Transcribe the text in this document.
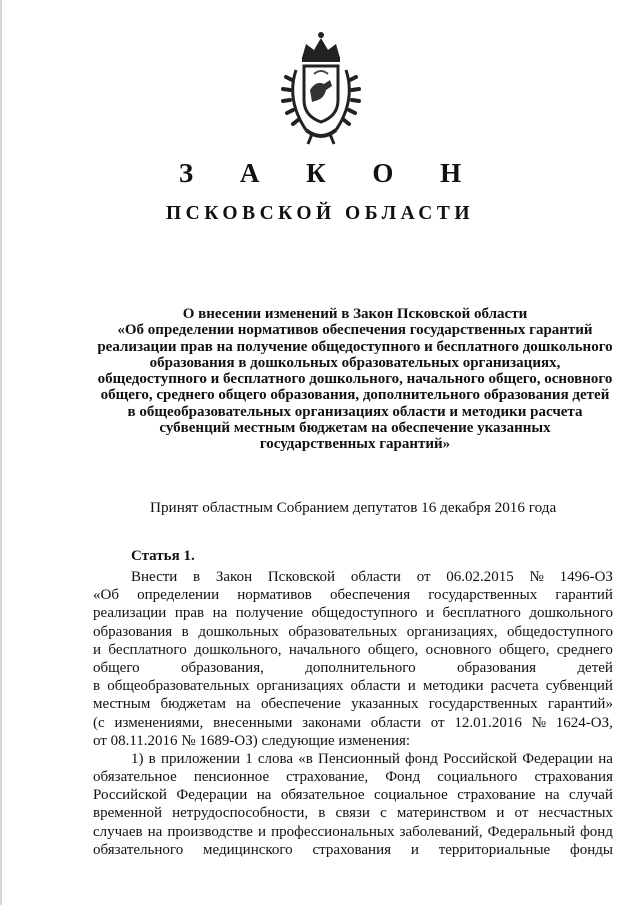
З А К О Н
ПСКОВСКОЙ ОБЛАСТИ
О внесении изменений в Закон Псковской области
«Об определении нормативов обеспечения государственных гарантий
реализации прав на получение общедоступного и бесплатного дошкольного
образования в дошкольных образовательных организациях,
общедоступного и бесплатного дошкольного, начального общего, основного
общего, среднего общего образования, дополнительного образования детей
в общеобразовательных организациях области и методики расчета
субвенций местным бюджетам на обеспечение указанных
государственных гарантий»
Принят областным Собранием депутатов 16 декабря 2016 года
Статья 1.
Внести в Закон Псковской области от 06.02.2015 № 1496-ОЗ
«Об определении нормативов обеспечения государственных гарантий
реализации прав на получение общедоступного и бесплатного дошкольного
образования в дошкольных образовательных организациях, общедоступного
и бесплатного дошкольного, начального общего, основного общего, среднего
общего	образования,	дополнительного	образования	детей
в общеобразовательных организациях области и методики расчета субвенций
местным бюджетам на обеспечение указанных государственных гарантий»
(с изменениями, внесенными законами области от 12.01.2016 № 1624-ОЗ,
от 08.11.2016 № 1689-ОЗ) следующие изменения:
1) в приложении 1 слова «в Пенсионный фонд Российской Федерации на
обязательное пенсионное страхование, Фонд социального страхования
Российской Федерации на обязательное социальное страхование на случай
временной нетрудоспособности, в связи с материнством и от несчастных
случаев на производстве и профессиональных заболеваний, Федеральный фонд
обязательного медицинского страхования и территориальные фонды
